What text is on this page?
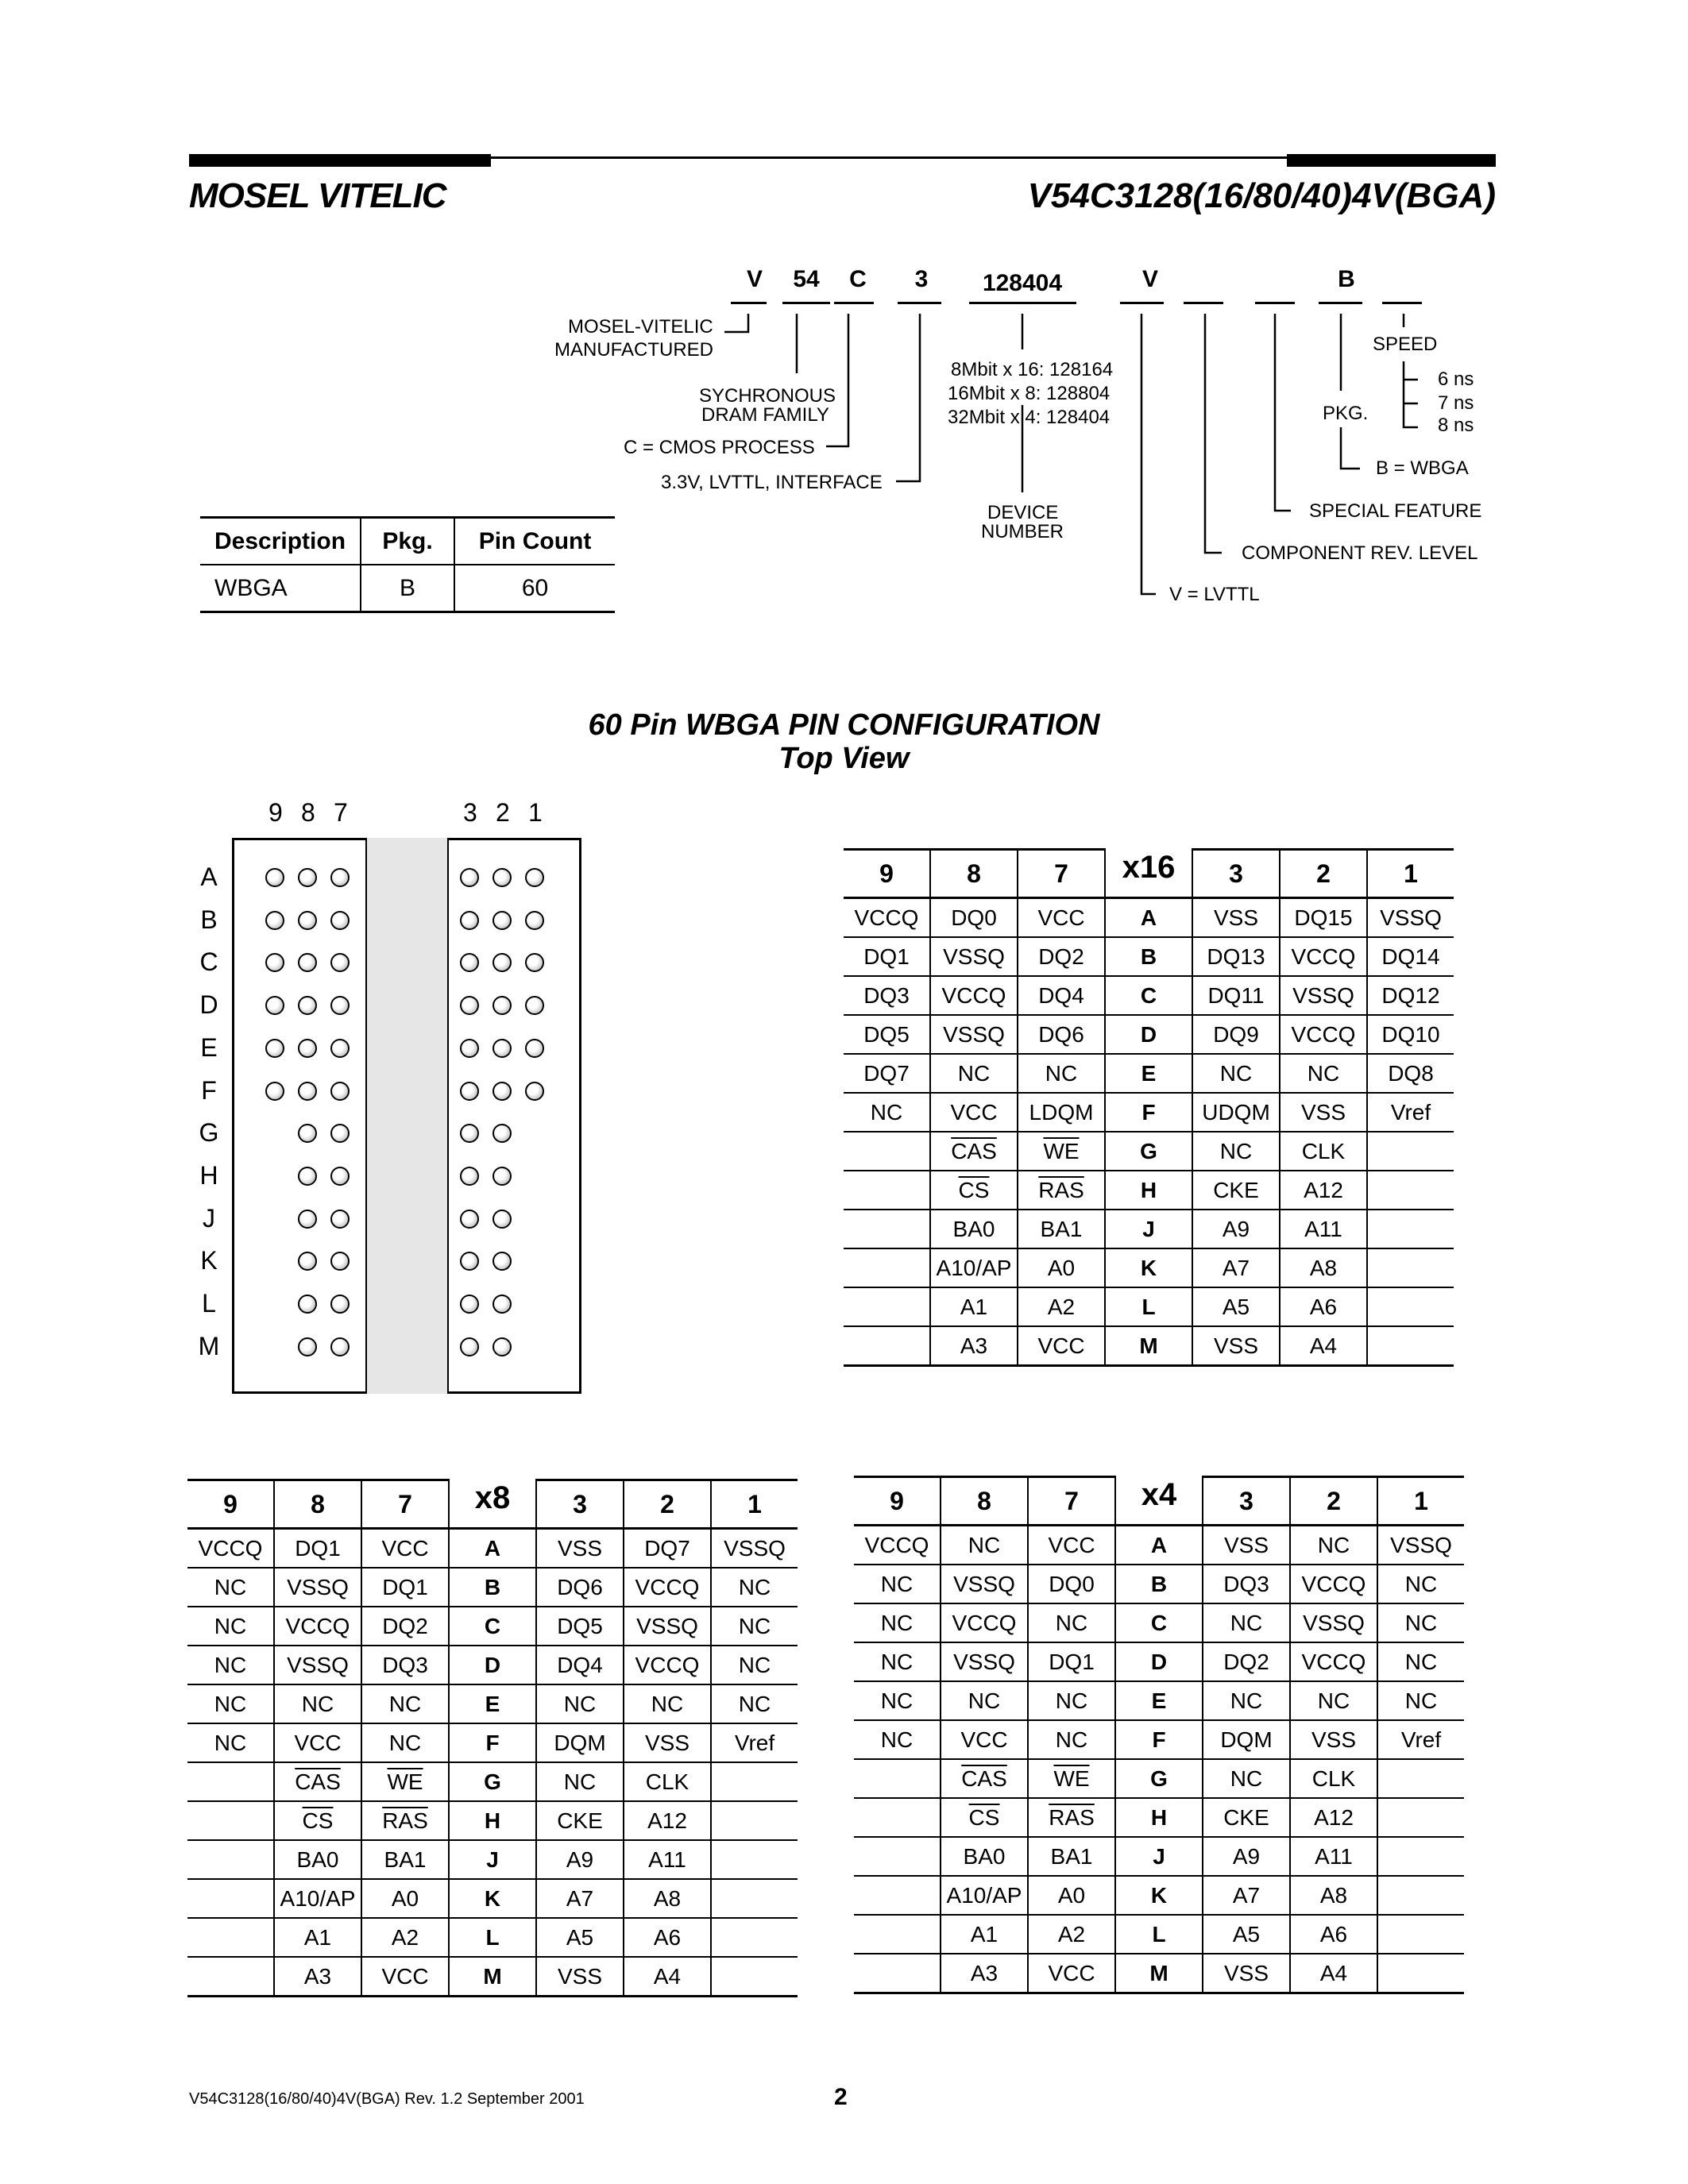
MOSEL VITELIC	V54C3128(16/80/40)4V(BGA)
V	54	C	3	128404	V	B
MOSEL-VITELIC
MANUFACTURED
SYCHRONOUS
DRAM FAMILY
C = CMOS PROCESS
3.3V, LVTTL, INTERFACE
8Mbit x 16: 128164
16Mbit x 8: 128804
32Mbit x 4: 128404
DEVICE
NUMBER
V = LVTTL
COMPONENT REV. LEVEL
SPECIAL FEATURE
PKG.
B = WBGA
SPEED
6 ns
7 ns
8 ns
Description	Pkg.	Pin Count
WBGA	B	60
60 Pin WBGA PIN CONFIGURATION
Top View
9 8 7	3 2 1
A
B
C
D
E
F
G
H
J
K
L
M
9	8	7	x16	3	2	1
VCCQ	DQ0	VCC	A	VSS	DQ15	VSSQ
DQ1	VSSQ	DQ2	B	DQ13	VCCQ	DQ14
DQ3	VCCQ	DQ4	C	DQ11	VSSQ	DQ12
DQ5	VSSQ	DQ6	D	DQ9	VCCQ	DQ10
DQ7	NC	NC	E	NC	NC	DQ8
NC	VCC	LDQM	F	UDQM	VSS	Vref
	$\overline{CAS}$	$\overline{WE}$	G	NC	CLK	
	$\overline{CS}$	$\overline{RAS}$	H	CKE	A12	
	BA0	BA1	J	A9	A11	
	A10/AP	A0	K	A7	A8	
	A1	A2	L	A5	A6	
	A3	VCC	M	VSS	A4	
9	8	7	x8	3	2	1
VCCQ	DQ1	VCC	A	VSS	DQ7	VSSQ
NC	VSSQ	DQ1	B	DQ6	VCCQ	NC
NC	VCCQ	DQ2	C	DQ5	VSSQ	NC
NC	VSSQ	DQ3	D	DQ4	VCCQ	NC
NC	NC	NC	E	NC	NC	NC
NC	VCC	NC	F	DQM	VSS	Vref
	$\overline{CAS}$	$\overline{WE}$	G	NC	CLK	
	$\overline{CS}$	$\overline{RAS}$	H	CKE	A12	
	BA0	BA1	J	A9	A11	
	A10/AP	A0	K	A7	A8	
	A1	A2	L	A5	A6	
	A3	VCC	M	VSS	A4	
9	8	7	x4	3	2	1
VCCQ	NC	VCC	A	VSS	NC	VSSQ
NC	VSSQ	DQ0	B	DQ3	VCCQ	NC
NC	VCCQ	NC	C	NC	VSSQ	NC
NC	VSSQ	DQ1	D	DQ2	VCCQ	NC
NC	NC	NC	E	NC	NC	NC
NC	VCC	NC	F	DQM	VSS	Vref
	$\overline{CAS}$	$\overline{WE}$	G	NC	CLK	
	$\overline{CS}$	$\overline{RAS}$	H	CKE	A12	
	BA0	BA1	J	A9	A11	
	A10/AP	A0	K	A7	A8	
	A1	A2	L	A5	A6	
	A3	VCC	M	VSS	A4	
V54C3128(16/80/40)4V(BGA) Rev. 1.2 September 2001	2
